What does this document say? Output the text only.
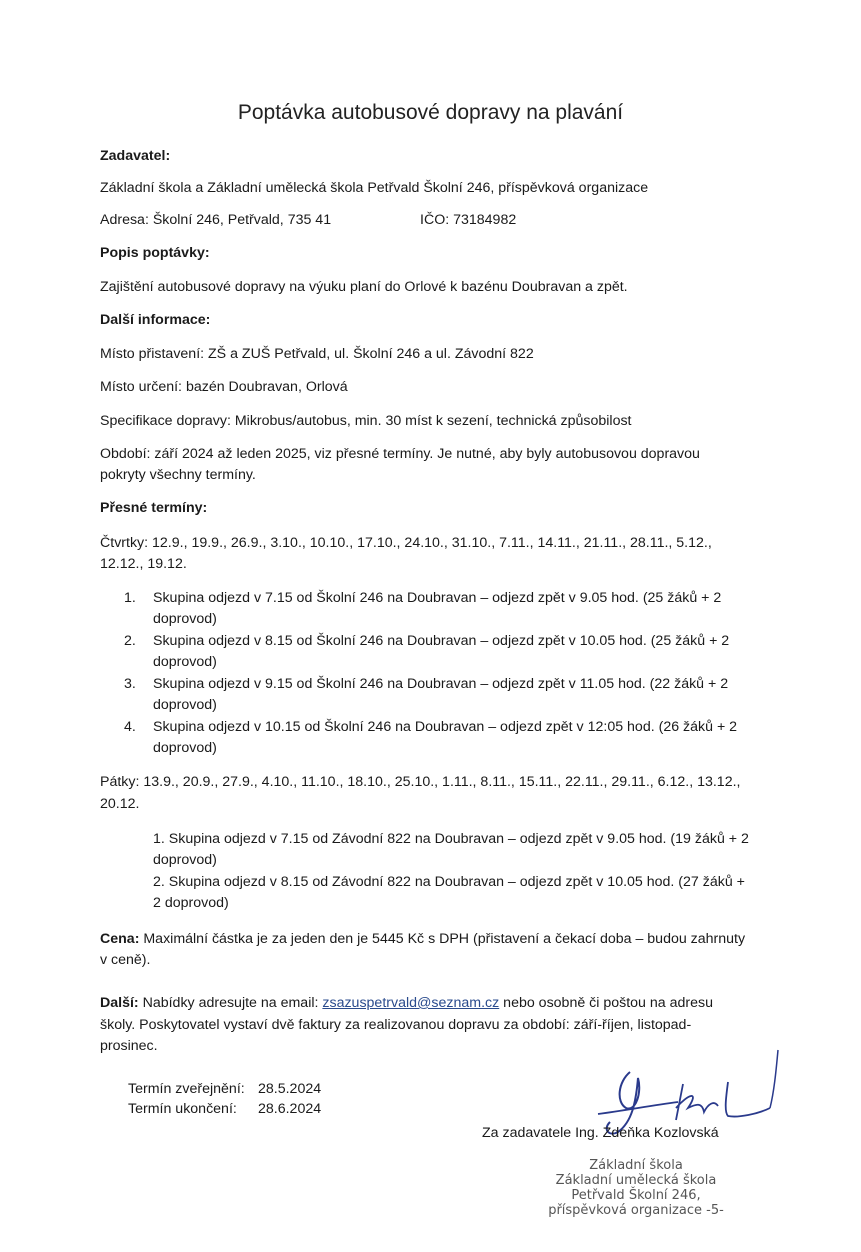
Poptávka autobusové dopravy na plavání
Zadavatel:
Základní škola a Základní umělecká škola Petřvald Školní 246, příspěvková organizace
Adresa: Školní 246, Petřvald, 735 41	IČO: 73184982
Popis poptávky:
Zajištění autobusové dopravy na výuku planí do Orlové k bazénu Doubravan a zpět.
Další informace:
Místo přistavení: ZŠ a ZUŠ Petřvald, ul. Školní 246 a ul. Závodní 822
Místo určení: bazén Doubravan, Orlová
Specifikace dopravy: Mikrobus/autobus, min. 30 míst k sezení, technická způsobilost
Období: září 2024 až leden 2025, viz přesné termíny. Je nutné, aby byly autobusovou dopravou
pokryty všechny termíny.
Přesné termíny:
Čtvrtky: 12.9., 19.9., 26.9., 3.10., 10.10., 17.10., 24.10., 31.10., 7.11., 14.11., 21.11., 28.11., 5.12.,
12.12., 19.12.
1.	Skupina odjezd v 7.15 od Školní 246 na Doubravan – odjezd zpět v 9.05 hod. (25 žáků + 2
doprovod)
2.	Skupina odjezd v 8.15 od Školní 246 na Doubravan – odjezd zpět v 10.05 hod. (25 žáků + 2
doprovod)
3.	Skupina odjezd v 9.15 od Školní 246 na Doubravan – odjezd zpět v 11.05 hod. (22 žáků + 2
doprovod)
4.	Skupina odjezd v 10.15 od Školní 246 na Doubravan – odjezd zpět v 12:05 hod. (26 žáků + 2
doprovod)
Pátky: 13.9., 20.9., 27.9., 4.10., 11.10., 18.10., 25.10., 1.11., 8.11., 15.11., 22.11., 29.11., 6.12., 13.12.,
20.12.
1. Skupina odjezd v 7.15 od Závodní 822 na Doubravan – odjezd zpět v 9.05 hod. (19 žáků + 2
doprovod)
2. Skupina odjezd v 8.15 od Závodní 822 na Doubravan – odjezd zpět v 10.05 hod. (27 žáků +
2 doprovod)
Cena: Maximální částka je za jeden den je 5445 Kč s DPH (přistavení a čekací doba – budou zahrnuty
v ceně).
Další: Nabídky adresujte na email: zsazuspetrvald@seznam.cz nebo osobně či poštou na adresu
školy. Poskytovatel vystaví dvě faktury za realizovanou dopravu za období: září-říjen, listopad-
prosinec.
Termín zveřejnění: 28.5.2024
Termín ukončení: 28.6.2024
Za zadavatele Ing. Zdeňka Kozlovská
Základní škola
Základní umělecká škola
Petřvald Školní 246,
příspěvková organizace -5-
